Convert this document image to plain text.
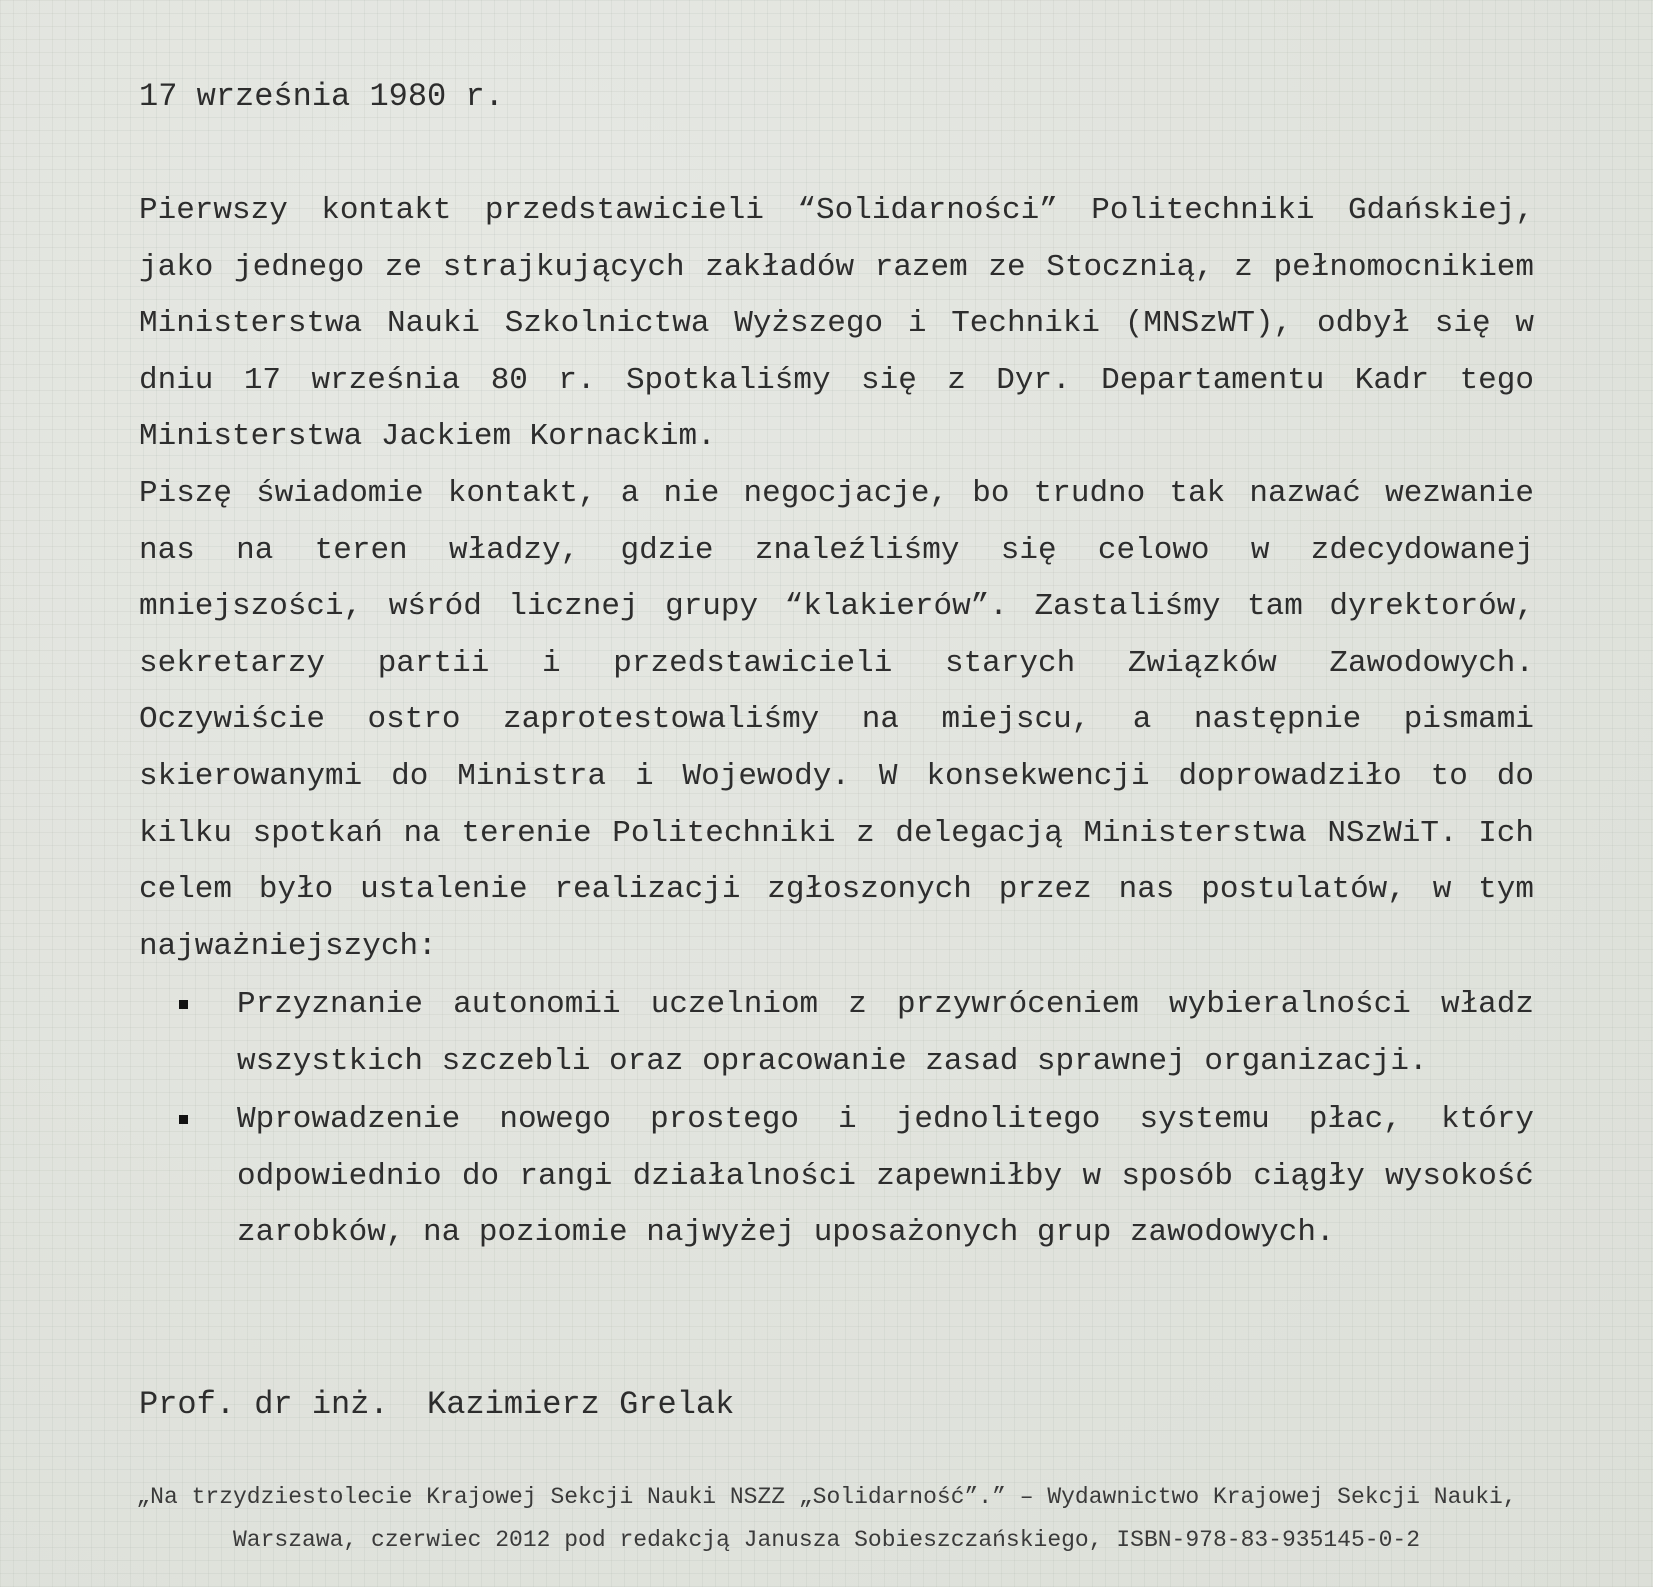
17 września 1980 r.

Pierwszy kontakt przedstawicieli “Solidarności” Politechniki Gdańskiej, jako jednego ze strajkujących zakładów razem ze Stocznią, z pełnomocnikiem Ministerstwa Nauki Szkolnictwa Wyższego i Techniki (MNSzWT), odbył się w dniu 17 września 80 r. Spotkaliśmy się z Dyr. Departamentu Kadr tego Ministerstwa Jackiem Kornackim.

Piszę świadomie kontakt, a nie negocjacje, bo trudno tak nazwać wezwanie nas na teren władzy, gdzie znaleźliśmy się celowo w zdecydowanej mniejszości, wśród licznej grupy “klakierów”. Zastaliśmy tam dyrektorów, sekretarzy partii i przedstawicieli starych Związków Zawodowych. Oczywiście ostro zaprotestowaliśmy na miejscu, a następnie pismami skierowanymi do Ministra i Wojewody. W konsekwencji doprowadziło to do kilku spotkań na terenie Politechniki z delegacją Ministerstwa NSzWiT. Ich celem było ustalenie realizacji zgłoszonych przez nas postulatów, w tym najważniejszych:

Przyznanie autonomii uczelniom z przywróceniem wybieralności władz wszystkich szczebli oraz opracowanie zasad sprawnej organizacji.
Wprowadzenie nowego prostego i jednolitego systemu płac, który odpowiednio do rangi działalności zapewniłby w sposób ciągły wysokość zarobków, na poziomie najwyżej uposażonych grup zawodowych.

Prof. dr inż.  Kazimierz Grelak

„Na trzydziestolecie Krajowej Sekcji Nauki NSZZ „Solidarność”.” – Wydawnictwo Krajowej Sekcji Nauki,
Warszawa, czerwiec 2012 pod redakcją Janusza Sobieszczańskiego, ISBN-978-83-935145-0-2
